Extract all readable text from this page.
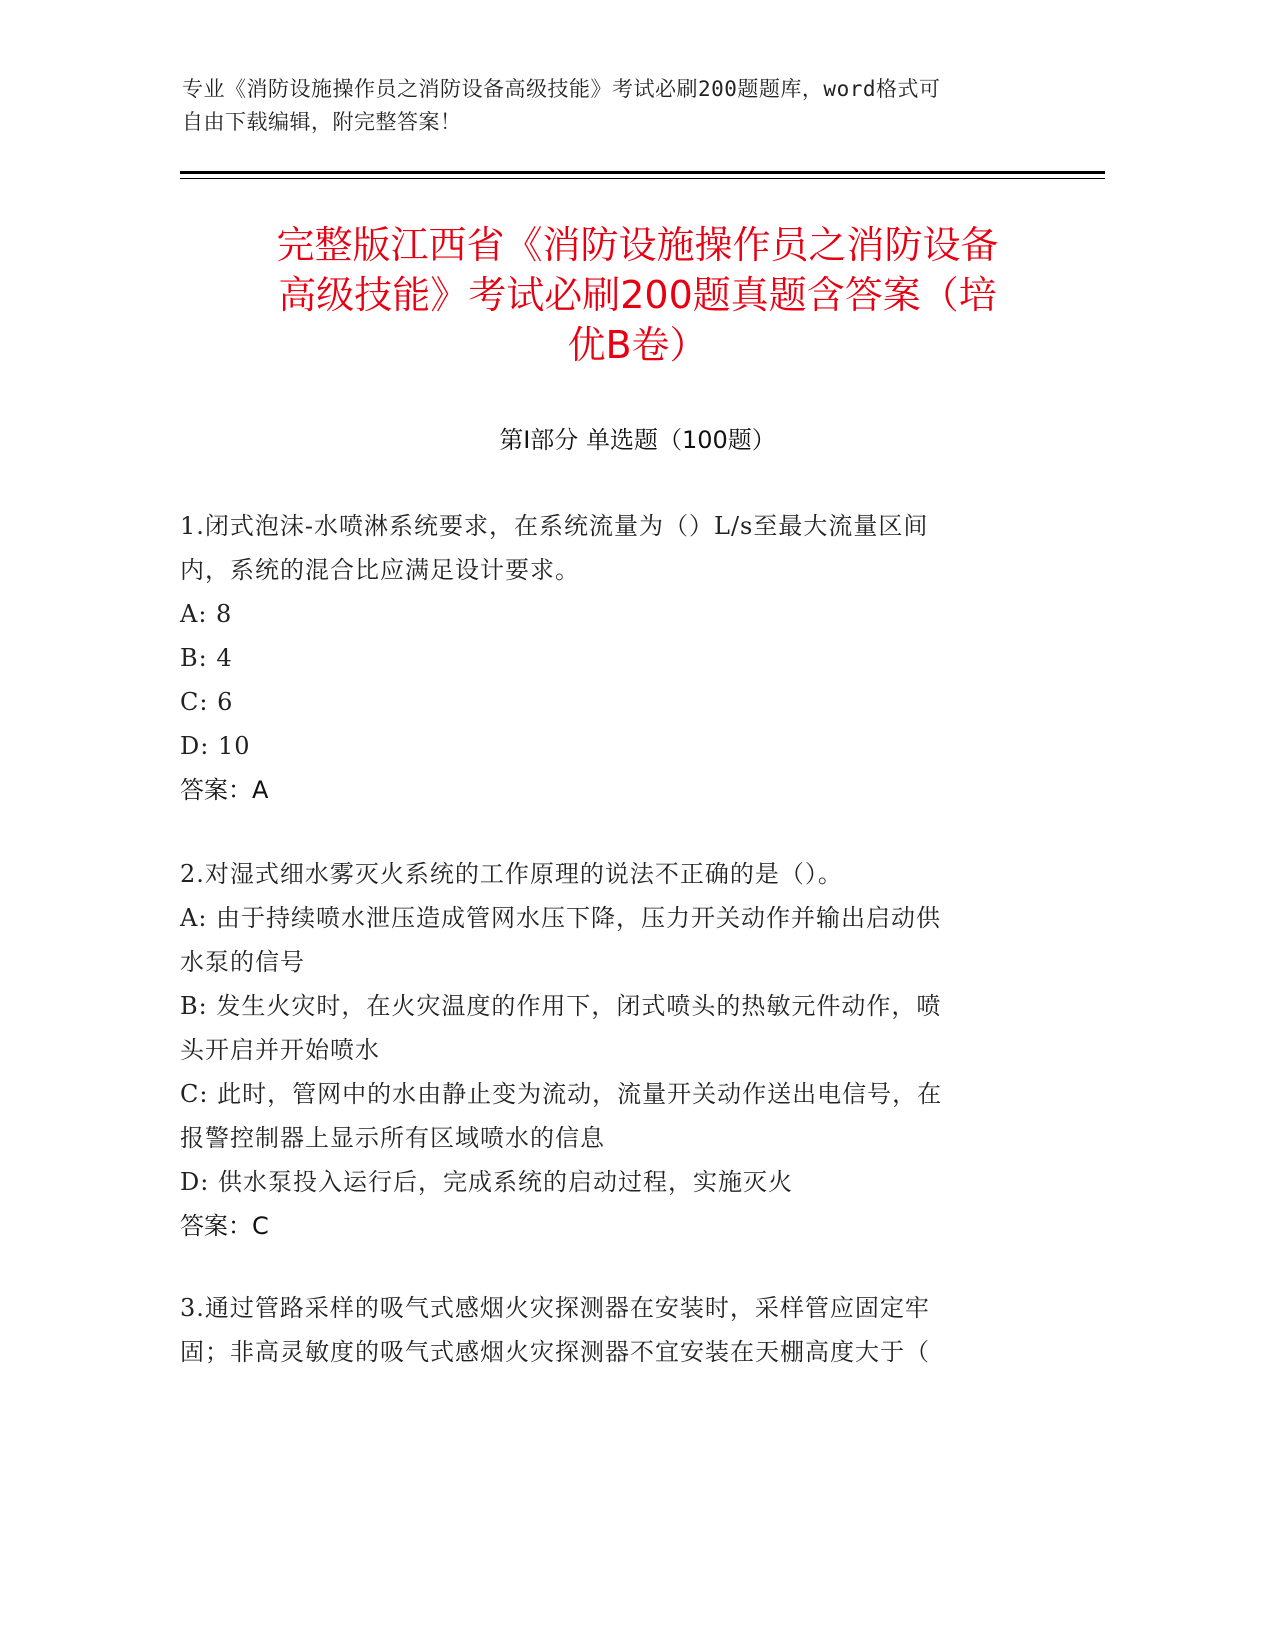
专业《消防设施操作员之消防设备高级技能》考试必刷200题题库，word格式可
自由下载编辑，附完整答案！
完整版江西省《消防设施操作员之消防设备
高级技能》考试必刷200题真题含答案（培
优B卷）
第Ⅰ部分 单选题（100题）
1.闭式泡沫-水喷淋系统要求，在系统流量为（）L/s至最大流量区间
内，系统的混合比应满足设计要求。
A: 8
B: 4
C: 6
D: 10
答案：A
2.对湿式细水雾灭火系统的工作原理的说法不正确的是（）。
A: 由于持续喷水泄压造成管网水压下降，压力开关动作并输出启动供
水泵的信号
B: 发生火灾时，在火灾温度的作用下，闭式喷头的热敏元件动作，喷
头开启并开始喷水
C: 此时，管网中的水由静止变为流动，流量开关动作送出电信号，在
报警控制器上显示所有区域喷水的信息
D: 供水泵投入运行后，完成系统的启动过程，实施灭火
答案：C
3.通过管路采样的吸气式感烟火灾探测器在安装时，采样管应固定牢
固；非高灵敏度的吸气式感烟火灾探测器不宜安装在天棚高度大于（
